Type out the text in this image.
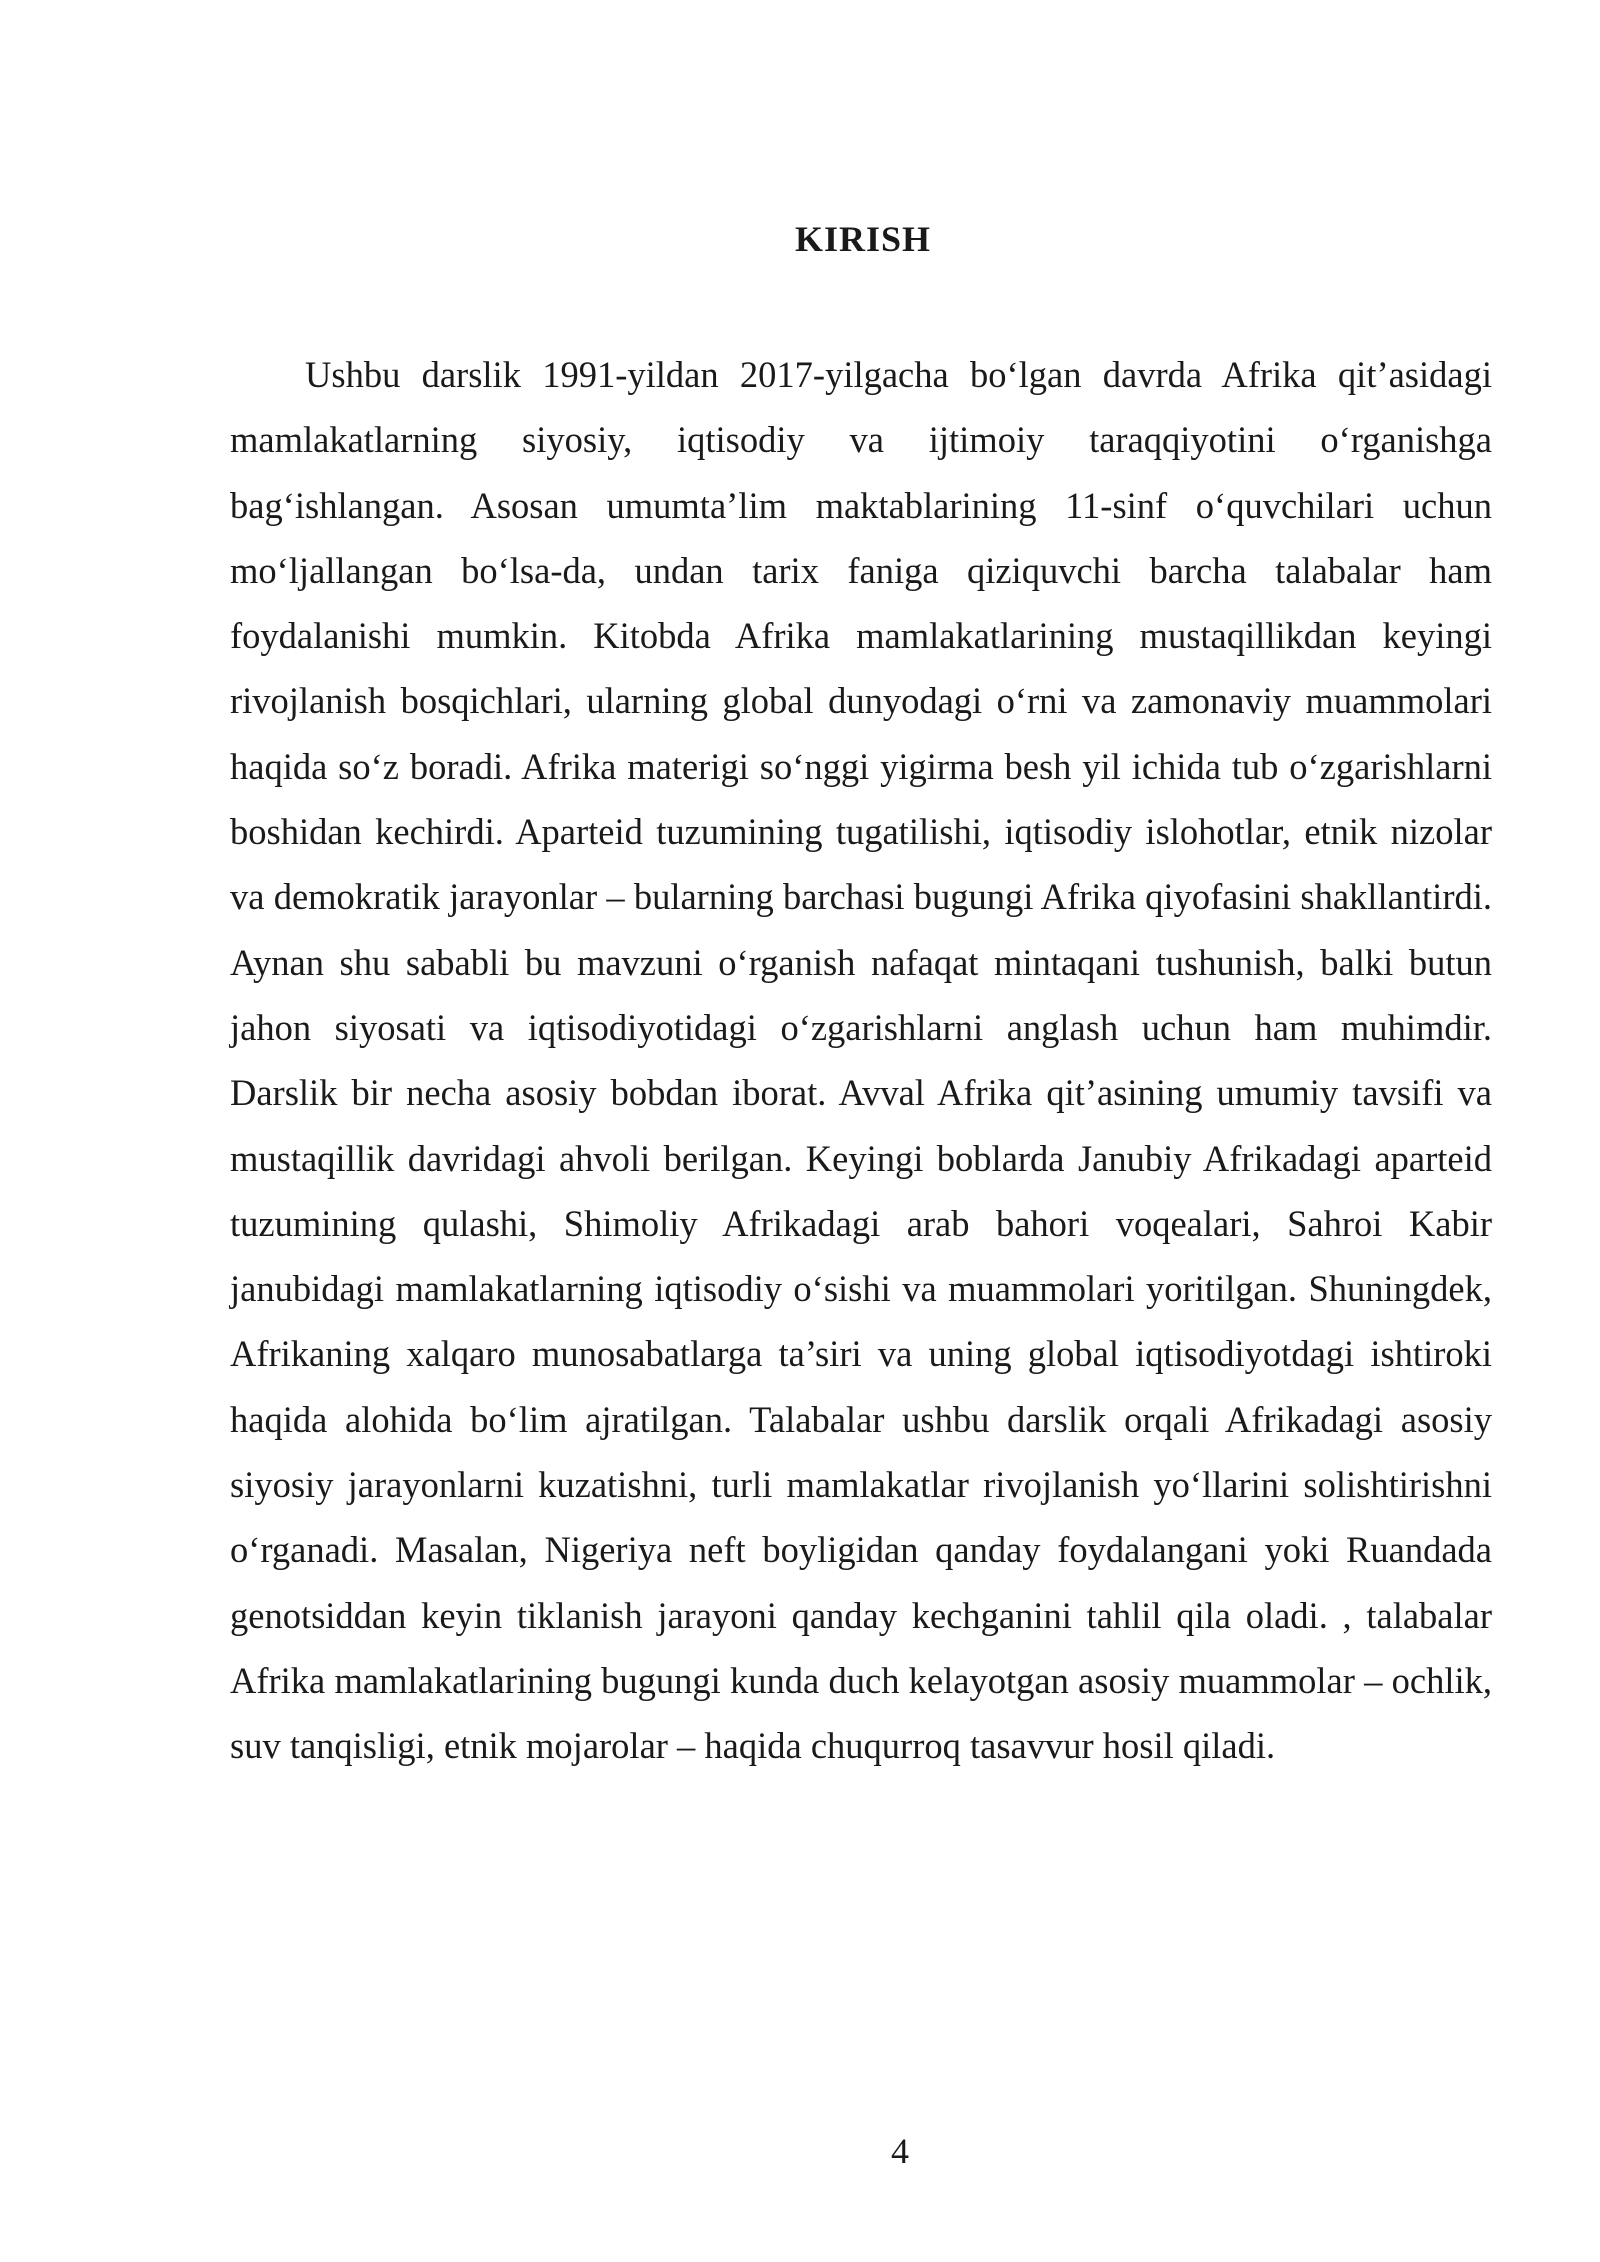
KIRISH

Ushbu darslik 1991-yildan 2017-yilgacha bo‘lgan davrda Afrika qit’asidagi mamlakatlarning siyosiy, iqtisodiy va ijtimoiy taraqqiyotini o‘rganishga bag‘ishlangan. Asosan umumta’lim maktablarining 11-sinf o‘quvchilari uchun mo‘ljallangan bo‘lsa-da, undan tarix faniga qiziquvchi barcha talabalar ham foydalanishi mumkin. Kitobda Afrika mamlakatlarining mustaqillikdan keyingi rivojlanish bosqichlari, ularning global dunyodagi o‘rni va zamonaviy muammolari haqida so‘z boradi. Afrika materigi so‘nggi yigirma besh yil ichida tub o‘zgarishlarni boshidan kechirdi. Aparteid tuzumining tugatilishi, iqtisodiy islohotlar, etnik nizolar va demokratik jarayonlar – bularning barchasi bugungi Afrika qiyofasini shakllantirdi. Aynan shu sababli bu mavzuni o‘rganish nafaqat mintaqani tushunish, balki butun jahon siyosati va iqtisodiyotidagi o‘zgarishlarni anglash uchun ham muhimdir. Darslik bir necha asosiy bobdan iborat. Avval Afrika qit’asining umumiy tavsifi va mustaqillik davridagi ahvoli berilgan. Keyingi boblarda Janubiy Afrikadagi aparteid tuzumining qulashi, Shimoliy Afrikadagi arab bahori voqealari, Sahroi Kabir janubidagi mamlakatlarning iqtisodiy o‘sishi va muammolari yoritilgan. Shuningdek, Afrikaning xalqaro munosabatlarga ta’siri va uning global iqtisodiyotdagi ishtiroki haqida alohida bo‘lim ajratilgan. Talabalar ushbu darslik orqali Afrikadagi asosiy siyosiy jarayonlarni kuzatishni, turli mamlakatlar rivojlanish yo‘llarini solishtirishni o‘rganadi. Masalan, Nigeriya neft boyligidan qanday foydalangani yoki Ruandada genotsiddan keyin tiklanish jarayoni qanday kechganini tahlil qila oladi. , talabalar Afrika mamlakatlarining bugungi kunda duch kelayotgan asosiy muammolar – ochlik, suv tanqisligi, etnik mojarolar – haqida chuqurroq tasavvur hosil qiladi.

4
